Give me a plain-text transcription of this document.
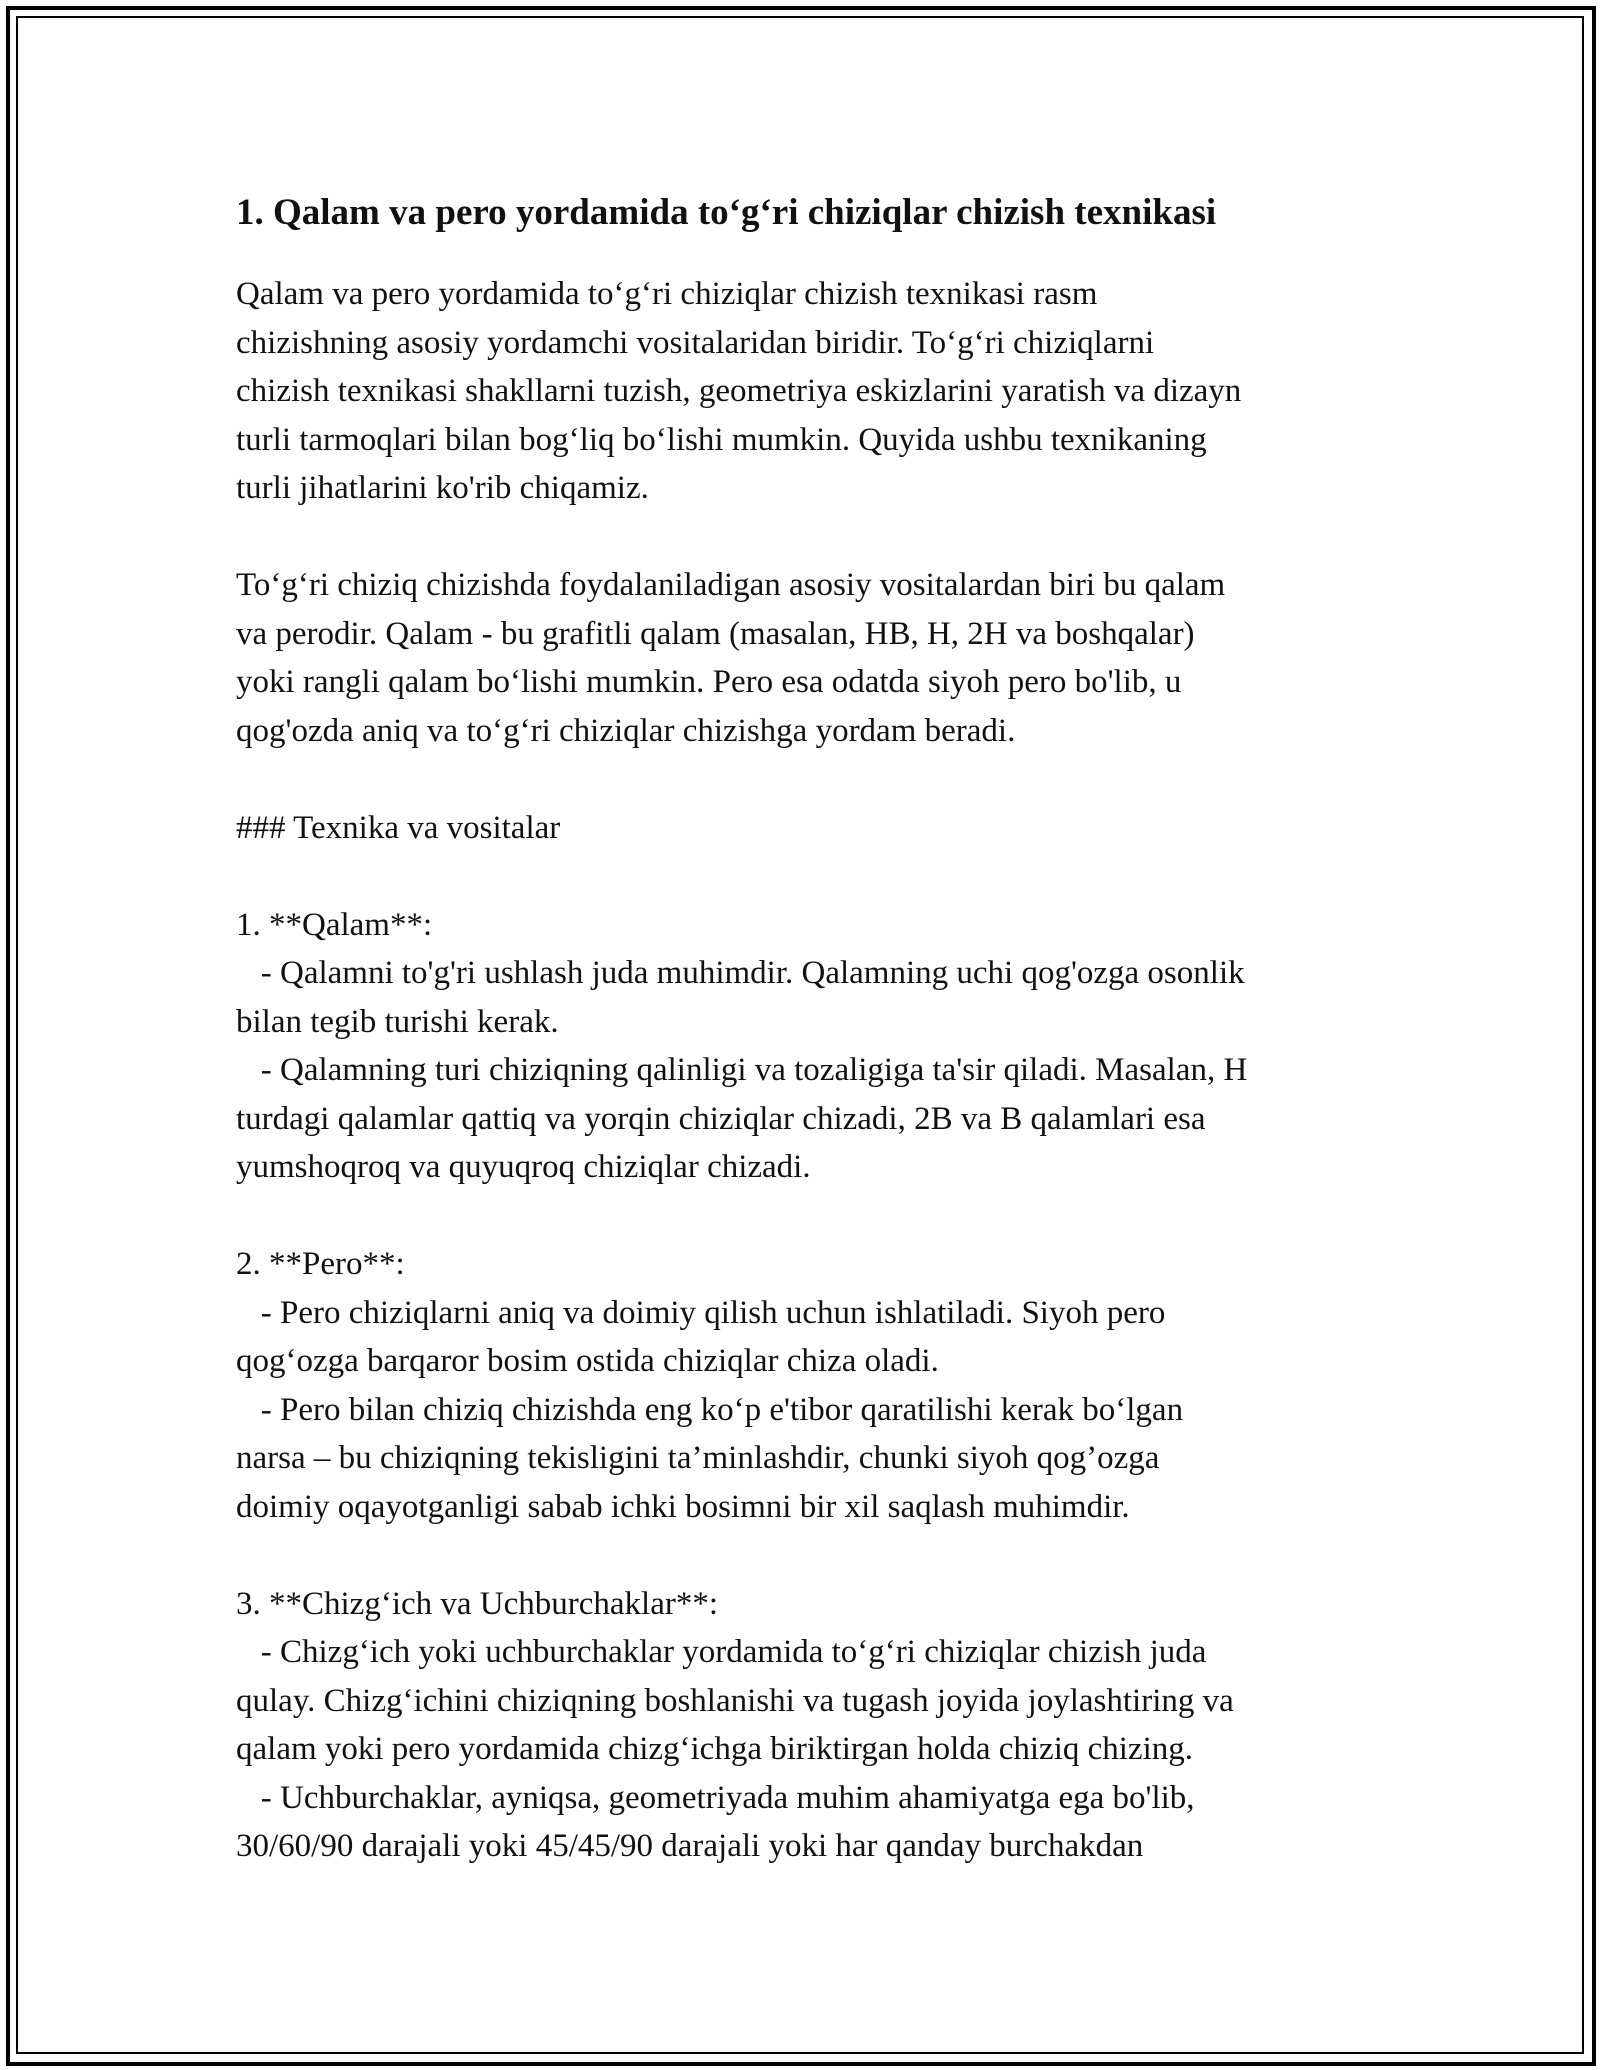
1. Qalam va pero yordamida to‘g‘ri chiziqlar chizish texnikasi

Qalam va pero yordamida to‘g‘ri chiziqlar chizish texnikasi rasm

chizishning asosiy yordamchi vositalaridan biridir. To‘g‘ri chiziqlarni

chizish texnikasi shakllarni tuzish, geometriya eskizlarini yaratish va dizayn

turli tarmoqlari bilan bog‘liq bo‘lishi mumkin. Quyida ushbu texnikaning

turli jihatlarini ko'rib chiqamiz.

To‘g‘ri chiziq chizishda foydalaniladigan asosiy vositalardan biri bu qalam

va perodir. Qalam - bu grafitli qalam (masalan, HB, H, 2H va boshqalar)

yoki rangli qalam bo‘lishi mumkin. Pero esa odatda siyoh pero bo'lib, u

qog'ozda aniq va to‘g‘ri chiziqlar chizishga yordam beradi.

### Texnika va vositalar

1. **Qalam**:

- Qalamni to'g'ri ushlash juda muhimdir. Qalamning uchi qog'ozga osonlik

bilan tegib turishi kerak.

- Qalamning turi chiziqning qalinligi va tozaligiga ta'sir qiladi. Masalan, H

turdagi qalamlar qattiq va yorqin chiziqlar chizadi, 2B va B qalamlari esa

yumshoqroq va quyuqroq chiziqlar chizadi.

2. **Pero**:

- Pero chiziqlarni aniq va doimiy qilish uchun ishlatiladi. Siyoh pero

qog‘ozga barqaror bosim ostida chiziqlar chiza oladi.

- Pero bilan chiziq chizishda eng ko‘p e'tibor qaratilishi kerak bo‘lgan

narsa – bu chiziqning tekisligini ta’minlashdir, chunki siyoh qog’ozga

doimiy oqayotganligi sabab ichki bosimni bir xil saqlash muhimdir.

3. **Chizg‘ich va Uchburchaklar**:

- Chizg‘ich yoki uchburchaklar yordamida to‘g‘ri chiziqlar chizish juda

qulay. Chizg‘ichini chiziqning boshlanishi va tugash joyida joylashtiring va

qalam yoki pero yordamida chizg‘ichga biriktirgan holda chiziq chizing.

- Uchburchaklar, ayniqsa, geometriyada muhim ahamiyatga ega bo'lib,

30/60/90 darajali yoki 45/45/90 darajali yoki har qanday burchakdan
